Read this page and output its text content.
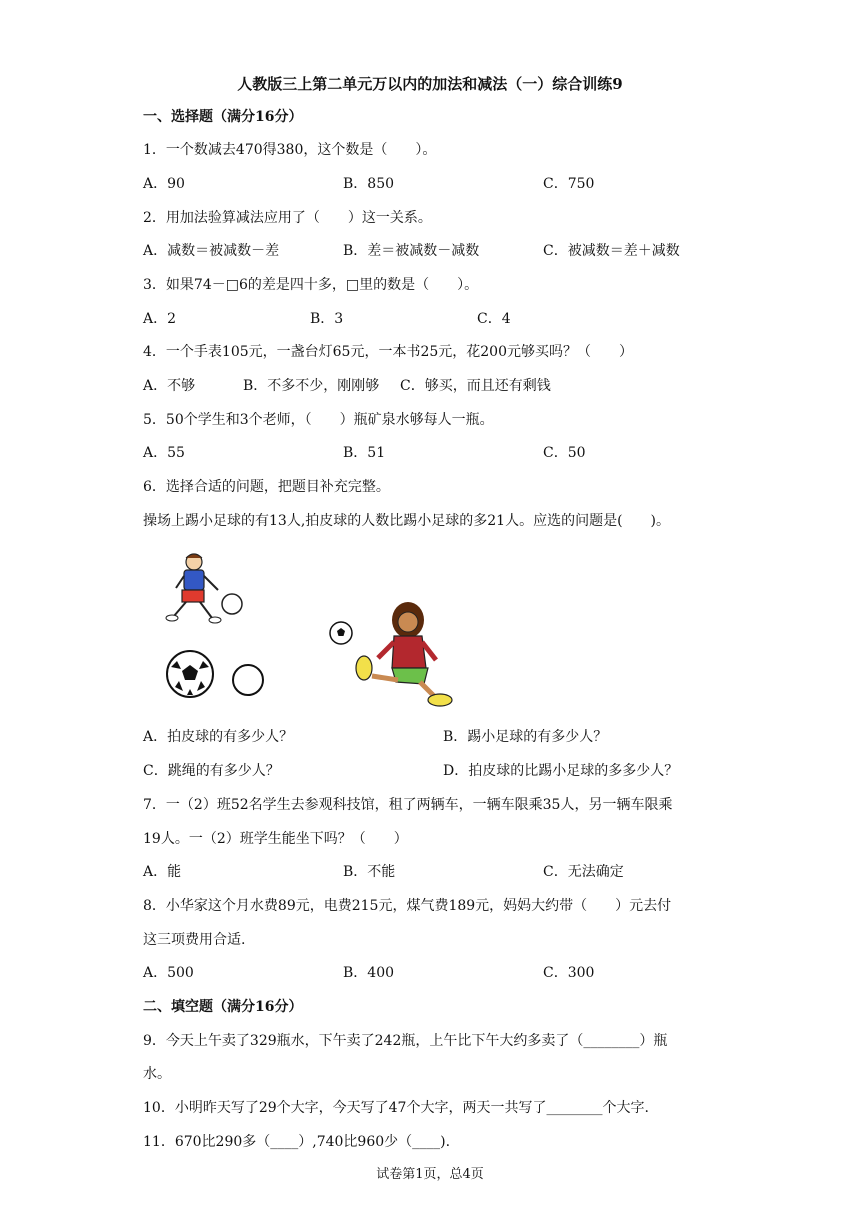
人教版三上第二单元万以内的加法和减法（一）综合训练9
一、选择题（满分16分）
1．一个数减去470得380，这个数是（　　）。
A．90	B．850	C．750
2．用加法验算减法应用了（　　）这一关系。
A．减数＝被减数－差	B．差＝被减数－减数	C．被减数＝差＋减数
3．如果74－□6的差是四十多，□里的数是（　　）。
A．2	B．3	C．4
4．一个手表105元，一盏台灯65元，一本书25元，花200元够买吗？（　　）
A．不够	B．不多不少，刚刚够 C．够买，而且还有剩钱
5．50个学生和3个老师，（　　）瓶矿泉水够每人一瓶。
A．55	B．51	C．50
6．选择合适的问题，把题目补充完整。
操场上踢小足球的有13人,拍皮球的人数比踢小足球的多21人。应选的问题是(　　)。
A．拍皮球的有多少人？	B．踢小足球的有多少人？
C．跳绳的有多少人？	D．拍皮球的比踢小足球的多多少人？
7．一（2）班52名学生去参观科技馆，租了两辆车，一辆车限乘35人，另一辆车限乘
19人。一（2）班学生能坐下吗？（　　）
A．能	B．不能	C．无法确定
8．小华家这个月水费89元，电费215元，煤气费189元，妈妈大约带（　　）元去付
这三项费用合适.
A．500	B．400	C．300
二、填空题（满分16分）
9．今天上午卖了329瓶水，下午卖了242瓶，上午比下午大约多卖了（________）瓶
水。
10．小明昨天写了29个大字，今天写了47个大字，两天一共写了________个大字.
11．670比290多（____）,740比960少（____).
试卷第1页，总4页
